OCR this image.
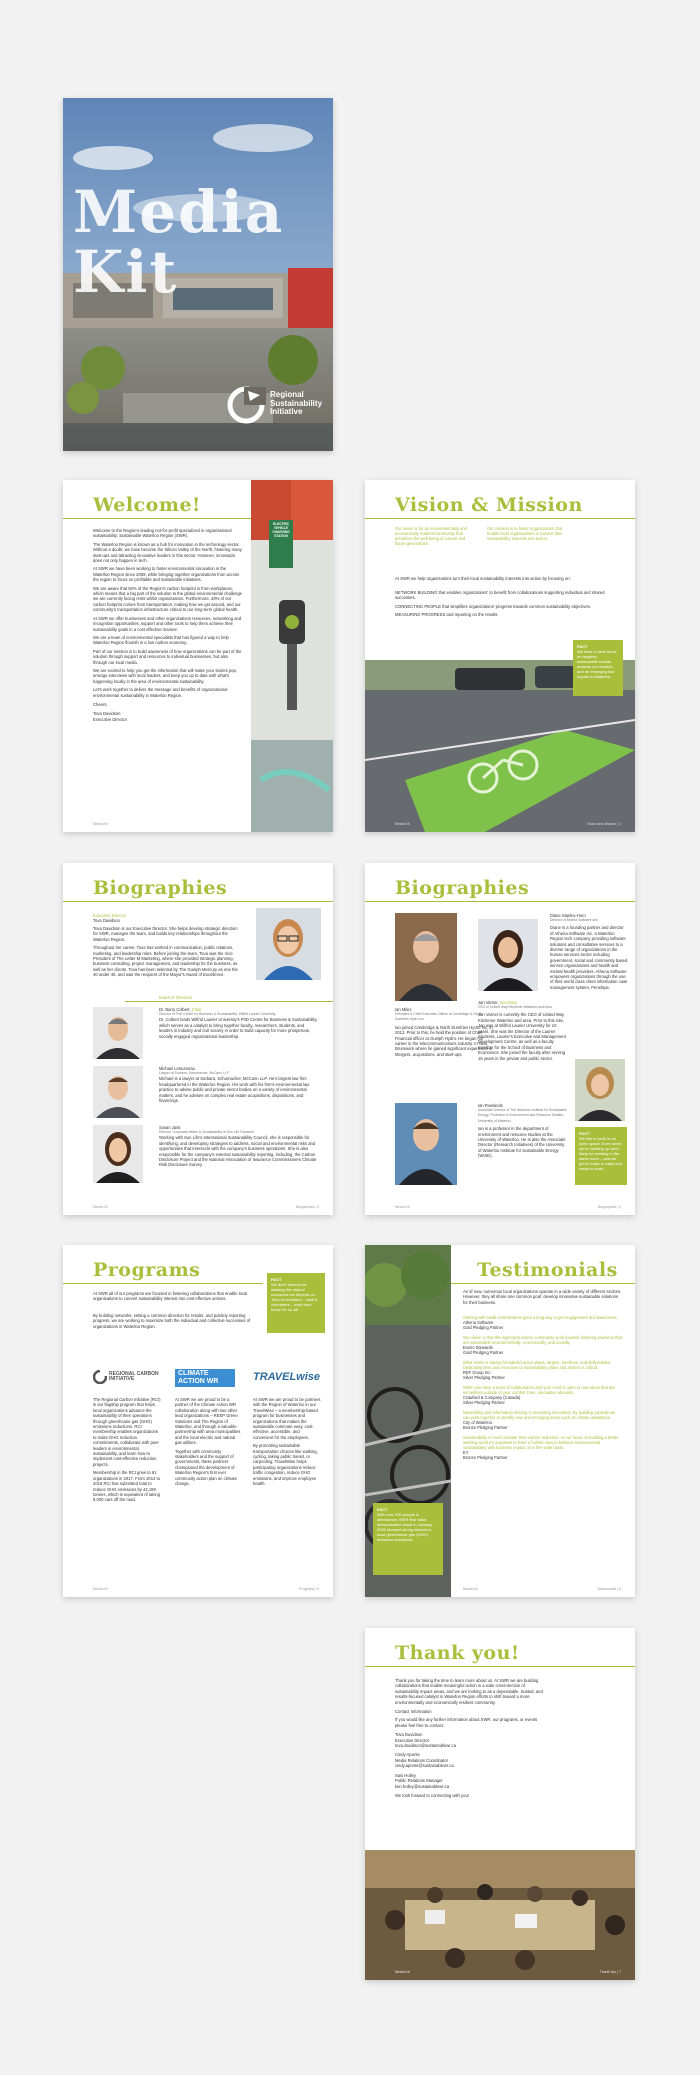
Media
Kit
Regional
Sustainability
Initiative
Welcome!

Welcome to the Region's leading not-for-profit specialized in organizational sustainability: Sustainable Waterloo Region (SWR).

The Waterloo Region is known as a hub for innovation in the technology sector. Without a doubt, we have become the Silicon Valley of the North, fostering many start-ups and attracting innovative leaders in this sector. However, innovation does not only happen in tech.

At SWR we have been working to foster environmental innovation in the Waterloo Region since 2009, while bringing together organizations from across the region to focus on profitable and sustainable initiatives.

We are aware that 50% of the Region's carbon footprint is from workplaces, which means that a big part of the solution to the global environmental challenge we are currently facing rests within organizations. Furthermore, 40% of our carbon footprint comes from transportation, making how we get around, and our community's transportation infrastructure critical to our long-term global health.

At SWR we offer businesses and other organizations resources, networking and recognition opportunities, support and other tools to help them achieve their sustainability goals in a cost effective manner.

We are a team of environmental specialists that has figured a way to help Waterloo Region flourish in a low carbon economy.

Part of our mission is to build awareness of how organizations can be part of the solution through support and resources to individual businesses, but also through our local media.

We are excited to help you get the information that will make your stories pop, arrange interviews with local leaders, and keep you up to date with what's happening locally in the area of environmental sustainability.

Let's work together to deliver the message and benefits of organizational environmental sustainability in Waterloo Region.

Cheers,

Tova Davidson

Executive Director

ELECTRIC VEHICLE CHARGING STATION
Media Kit
Vision & Mission
Our vision is for an environmentally and economically resilient community that prioritizes the well-being of current and future generations.
Our mission is to foster organizations that enable local organizations to convert their sustainability interests into action.
At SWR we help organizations turn their local sustainability interests into action by focusing on:

NETWORK BUILDING that enables organizations' to benefit from collaborations supporting individual and shared successes.

CONNECTING PEOPLE that simplifies organizations' progress towards common sustainability objectives.

MEASURING PROGRESS and reporting on the results.

FACT
We have a clear focus on tangible, measurable results towards our mission, and an emerging low impact in Waterloo.
Media Kit	Vision and Mission | 2
Biographies
Executive Director
Tova Davidson

Tova Davidson is our Executive Director. She helps develop strategic direction for SWR, manages the team, and builds key relationships throughout the Waterloo Region.

Throughout her career, Tova has worked in communication, public relations, marketing, and leadership roles. Before joining the team, Tova was the Vice President of The Letter M Marketing, where she provided strategic planning, business consulting, project management, and leadership for the business, as well as her clients. Tova has been selected by The Guelph Mercury as one the 40 under 40, and was the recipient of the Mayor's Award of Excellence.

Board of Directors
Dr. Barry Colbert, Chair
Director of PhD Centre for Business & Sustainability, Wilfrid Laurier University

Dr. Colbert leads Wilfrid Laurier University's PhD Centre for Business & Sustainability, which serves as a catalyst to bring together faculty, researchers, students, and leaders in industry and civil society in order to build capacity for more prosperous, socially engaged organizational leadership.

Michael Letourneau
Lawyer at Sorbara, Schumacher, McCann LLP

Michael is a lawyer at Sorbara, Schumacher, McCann LLP. He's largest law firm headquartered in the Waterloo Region. His work with his firm's environmental law practice to advise public and private sector bodies on a variety of environmental matters, and he advises on complex real estate acquisitions, dispositions, and financings.

Susan Janti
Director, Corporate Affairs & Sustainability at Sun Life Financial

Working with Sun Life's International Sustainability Council, she is responsible for identifying, and developing strategies to address, social and environmental risks and opportunities that intersects with the company's business operations. She is also responsible for the company's external sustainability reporting, including, the Carbon Disclosure Project and the National Association of Insurance Commissioners Climate Risk Disclosure Survey.

Media Kit	Biographies | 3
Biographies
Ian Miles
President & Chief Executive Officer at Cambridge & North Dumfries Hydro Inc.

Ian joined Cambridge & North Dumfries Hydro Inc. in 2012. Prior to this, he held the position of Chief Financial officer at Guelph Hydro. He began his career in the telecommunications industry. In New Brunswick where he gained significant experience in Mergers, acquisitions, and start-ups.

Diane Stanley-Horn
Director of Athena Software and

Diane is a founding partner and director of Athena Software Inc. a Waterloo Region tech company providing software solutions and consultative services to a diverse range of organizations in the human services sector including government, social and community based service organizations and health and mental health providers. Athena Software empowers organizations through the use of their world class client information case management system, Penelope.

Jan Varner, Secretary
CEO of United Way Kitchener Waterloo and Area

Jan Varner is currently the CEO of United Way Kitchener Waterloo and area. Prior to this role, Jan was at Wilfrid Laurier University for 10 years. She was the Director of the Laurier Students, Laurier's Executive and Management Development Centre, as well as a faculty member for the School of Business and Economics. She joined the faculty after serving 15 years in the private and public sector.

Ian Rowlands
Associate Director of The Waterloo Institute for Sustainable Energy; Professor in Environment and Resource Studies, University of Waterloo

Ian is a professor in the department of environment and resource studies at the University of Waterloo. He is also the Associate Director (Research Initiatives) of the University of Waterloo Institute for Sustainable Energy (WISE).

FACT
We like to work in an open space. Even when we're meeting up we'd likely be working in the same room – and we get to make a really nice ready to work.
Media Kit	Biographies | 4
Programs	FACT
We don't need to be wasting the natural resources we depend on. Tons of members – staff & volunteers – work from home for us all!

At SWR all of our programs are focused in fostering collaborations that enable local organizations to convert sustainability interest into cost effective actions.

By building networks, setting a common direction for results, and publicly reporting progress, we are working to maximize both the individual and collective successes of organizations in Waterloo Region.

REGIONAL CARBON INITIATIVE
CLIMATE ACTION WR	TRAVELwise

The Regional Carbon Initiative (RCI) is our flagship program that helps local organizations advance the sustainability of their operations through greenhouse gas (GHG) emissions reductions. RCI membership enables organizations to make GHG reduction commitments, collaborate with peer leaders in environmental sustainability, and learn how to implement cost-effective reduction projects.

Membership in the RCI grew to 61 organizations in 2017. From 2014 to 2016 RCI has submitted total to reduce GHG emissions by 42,199 tonnes, which is equivalent of taking 9,000 cars off the road.

At SWR we are proud to be a partner of the Climate Action WR collaboration along with two other lead organizations – REEP Green Solutions and The Region of Waterloo, and through a valuable partnership with area municipalities and the local electric and natural gas utilities.

Together with community stakeholders and the support of governments, these partners championed the development of Waterloo Region's first ever community action plan on climate change.

At SWR we are proud to be partners with the Region of Waterloo in our TravelWise – a membership-based program for businesses and organizations that makes the sustainable commute easy, cost-effective, accessible, and convenient for the employees.

By promoting sustainable transportation choices like walking, cycling, taking public transit, or carpooling, TravelWise helps participating organizations reduce traffic congestion, reduce GHG emissions, and improve employee health.

Media Kit	Programs | 5
FACT
With over 200 people in attendance, SWR first value demonstrated result in January, 2009 showed strong interest in local greenhouse gas (GHG) emission reductions.
Testimonials

As of now, numerous local organizations operate in a wide variety of different sectors. However, they all share one common goal: develop innovative sustainable solutions for their business.

Starting with small commitments goes a long way to get engagement and awareness.
Athena Software
Gold Pledging Partner
Our vision is that the regional business community work towards fostering practices that are sustainable environmentally, economically, and socially.
Enviro Stewards
Gold Pledging Partner
What works is having formalized action plans, targets, timelines, and deliverables. Dedicating time and resources to sustainability plans and actions is critical.
REF Group Inc.
Silver Pledging Partner
When you have a team of collaborators and your mind is open to new ideas that are sometimes outside of your comfort zone, innovation abounds.
Crawford & Company (Canada)
Silver Pledging Partner
Networking and information sharing is promoting innovation. By building capacity we can work together to identify new and emerging areas such as climate adaptation.
City of Waterloo
Bronze Pledging Partner
Sustainability is much broader than carbon reduction. As we focus on building a better working world it's important to have a holistic view to balance environmental sustainability with business impact on a firm-wide basis.
EY
Bronze Pledging Partner
Media Kit	Testimonials | 6
Thank you!

Thank you for taking the time to learn more about us. At SWR we are building collaborations that enable meaningful action in a wide cross-section of sustainability impact areas, and we are looking to as a dependable, trusted, and results-focused catalyst in Waterloo Region efforts to shift toward a more environmentally and economically resilient community.

Contact Information

If you would like any further information about SWR, our programs, or events please feel free to contact:

Tova Davidson
Executive Director
tova.davidson@sustainablewr.ca
Cindy Aponte
Media Relations Coordinator
cindy.aponte@sustainablewr.ca
Sasi Holley
Public Relations Manager
ken.holley@sustainablewr.ca

We look forward to connecting with you!

Media Kit	Thank You | 7
